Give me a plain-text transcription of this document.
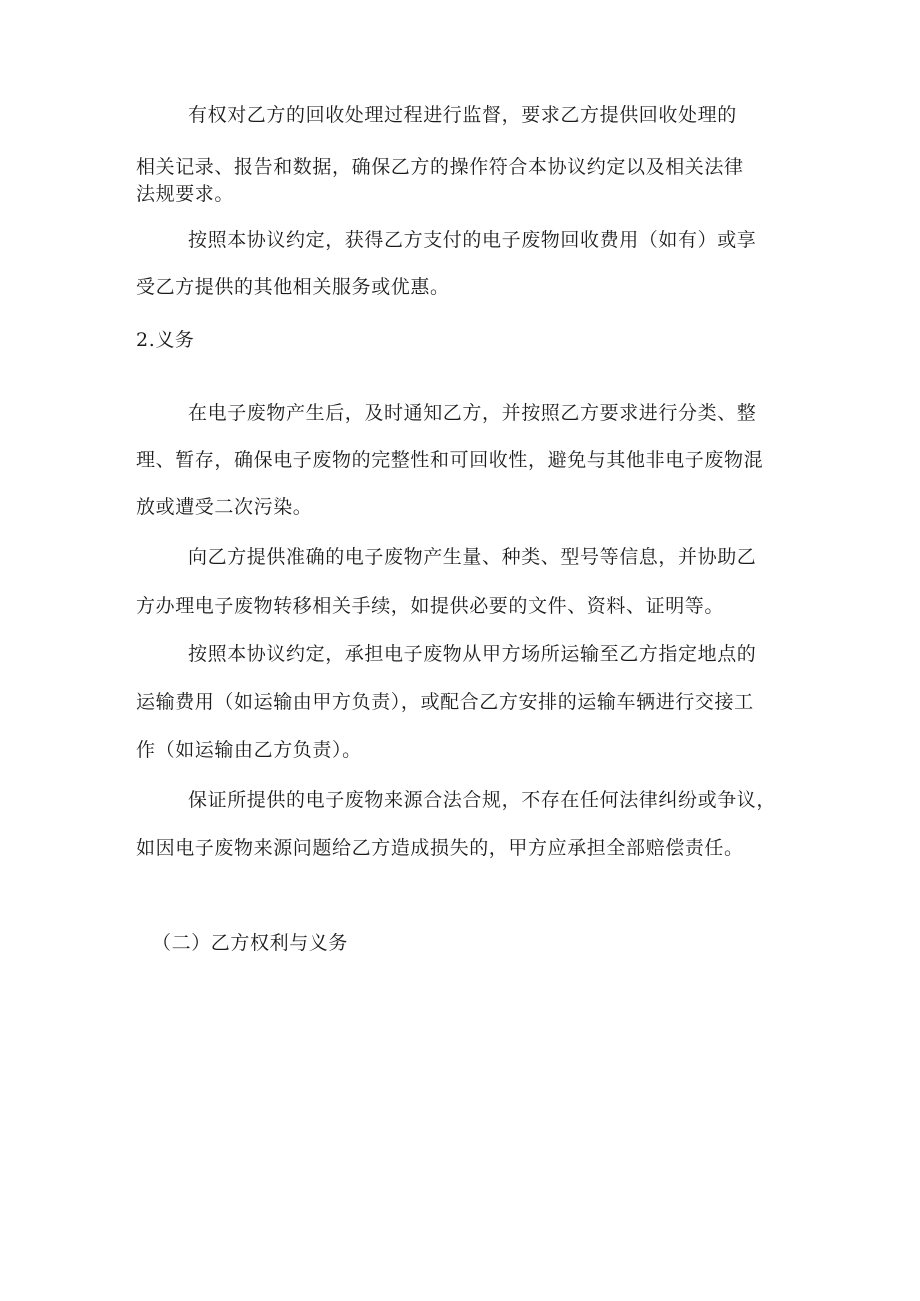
有权对乙方的回收处理过程进行监督，要求乙方提供回收处理的
相关记录、报告和数据，确保乙方的操作符合本协议约定以及相关法律
法规要求。
按照本协议约定，获得乙方支付的电子废物回收费用（如有）或享
受乙方提供的其他相关服务或优惠。
2.义务
在电子废物产生后，及时通知乙方，并按照乙方要求进行分类、整
理、暂存，确保电子废物的完整性和可回收性，避免与其他非电子废物混
放或遭受二次污染。
向乙方提供准确的电子废物产生量、种类、型号等信息，并协助乙
方办理电子废物转移相关手续，如提供必要的文件、资料、证明等。
按照本协议约定，承担电子废物从甲方场所运输至乙方指定地点的
运输费用（如运输由甲方负责），或配合乙方安排的运输车辆进行交接工
作（如运输由乙方负责）。
保证所提供的电子废物来源合法合规，不存在任何法律纠纷或争议，
如因电子废物来源问题给乙方造成损失的，甲方应承担全部赔偿责任。
（二）乙方权利与义务
